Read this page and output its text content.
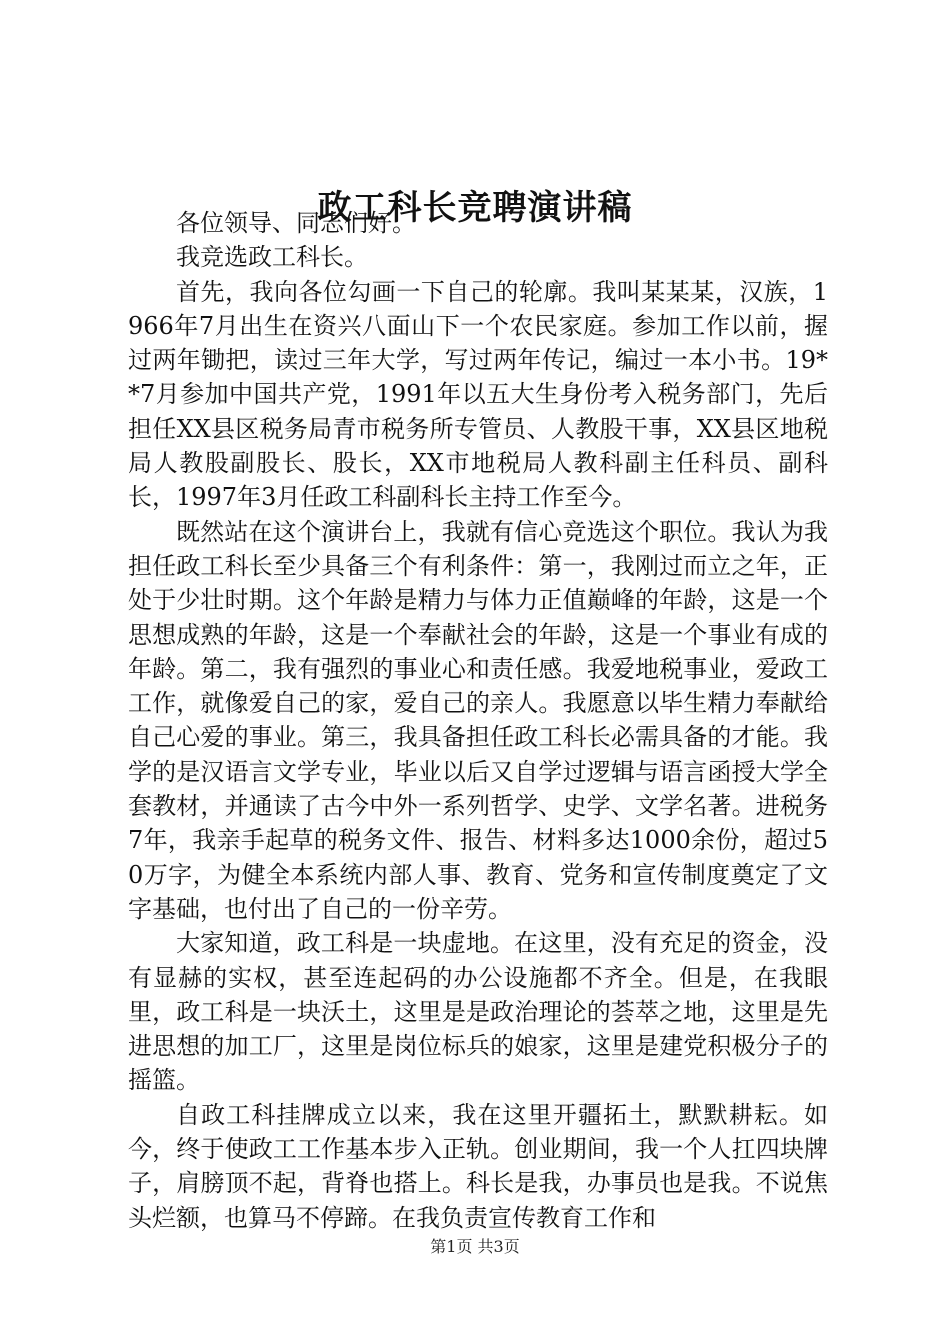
政工科长竞聘演讲稿

各位领导、同志们好。

我竞选政工科长。

首先，我向各位勾画一下自己的轮廓。我叫某某某，汉族，1966年7月出生在资兴八面山下一个农民家庭。参加工作以前，握过两年锄把，读过三年大学，写过两年传记，编过一本小书。19**7月参加中国共产党，1991年以五大生身份考入税务部门，先后担任XX县区税务局青市税务所专管员、人教股干事，XX县区地税局人教股副股长、股长，XX市地税局人教科副主任科员、副科长，1997年3月任政工科副科长主持工作至今。

既然站在这个演讲台上，我就有信心竞选这个职位。我认为我担任政工科长至少具备三个有利条件：第一，我刚过而立之年，正处于少壮时期。这个年龄是精力与体力正值巅峰的年龄，这是一个思想成熟的年龄，这是一个奉献社会的年龄，这是一个事业有成的年龄。第二，我有强烈的事业心和责任感。我爱地税事业，爱政工工作，就像爱自己的家，爱自己的亲人。我愿意以毕生精力奉献给自己心爱的事业。第三，我具备担任政工科长必需具备的才能。我学的是汉语言文学专业，毕业以后又自学过逻辑与语言函授大学全套教材，并通读了古今中外一系列哲学、史学、文学名著。进税务7年，我亲手起草的税务文件、报告、材料多达1000余份，超过50万字，为健全本系统内部人事、教育、党务和宣传制度奠定了文字基础，也付出了自己的一份辛劳。

大家知道，政工科是一块虚地。在这里，没有充足的资金，没有显赫的实权，甚至连起码的办公设施都不齐全。但是，在我眼里，政工科是一块沃土，这里是是政治理论的荟萃之地，这里是先进思想的加工厂，这里是岗位标兵的娘家，这里是建党积极分子的摇篮。

自政工科挂牌成立以来，我在这里开疆拓土，默默耕耘。如今，终于使政工工作基本步入正轨。创业期间，我一个人扛四块牌子，肩膀顶不起，背脊也搭上。科长是我，办事员也是我。不说焦头烂额，也算马不停蹄。在我负责宣传教育工作和

第1页 共3页
